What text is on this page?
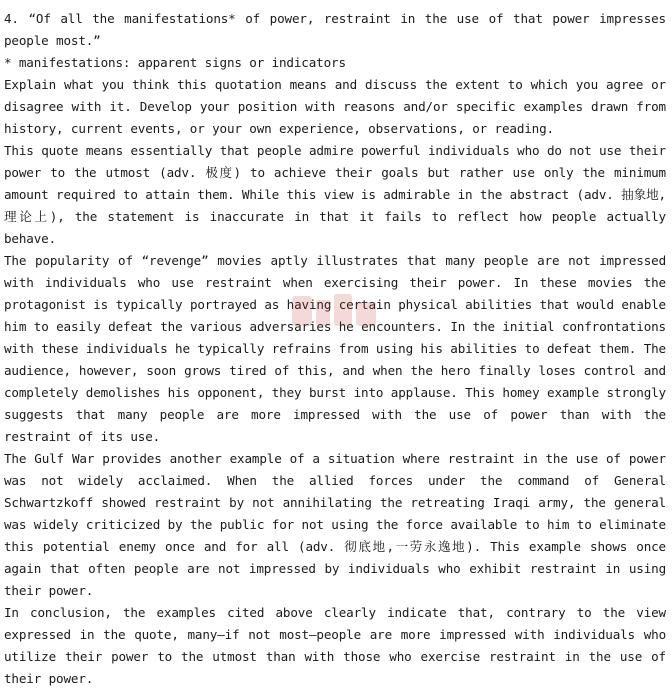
4. “Of all the manifestations* of power, restraint in the use of that power impresses people most.”

* manifestations: apparent signs or indicators

Explain what you think this quotation means and discuss the extent to which you agree or disagree with it. Develop your position with reasons and/or specific examples drawn from history, current events, or your own experience, observations, or reading.

This quote means essentially that people admire powerful individuals who do not use their power to the utmost (adv. 极度) to achieve their goals but rather use only the minimum amount required to attain them. While this view is admirable in the abstract (adv. 抽象地, 理论上), the statement is inaccurate in that it fails to reflect how people actually behave.

The popularity of “revenge” movies aptly illustrates that many people are not impressed with individuals who use restraint when exercising their power. In these movies the protagonist is typically portrayed as having certain physical abilities that would enable him to easily defeat the various adversaries he encounters. In the initial confrontations with these individuals he typically refrains from using his abilities to defeat them. The audience, however, soon grows tired of this, and when the hero finally loses control and completely demolishes his opponent, they burst into applause. This homey example strongly suggests that many people are more impressed with the use of power than with the restraint of its use.

The Gulf War provides another example of a situation where restraint in the use of power was not widely acclaimed. When the allied forces under the command of General Schwartzkoff showed restraint by not annihilating the retreating Iraqi army, the general was widely criticized by the public for not using the force available to him to eliminate this potential enemy once and for all (adv. 彻底地,一劳永逸地). This example shows once again that often people are not impressed by individuals who exhibit restraint in using their power.

In conclusion, the examples cited above clearly indicate that, contrary to the view expressed in the quote, many—if not most—people are more impressed with individuals who utilize their power to the utmost than with those who exercise restraint in the use of their power.
